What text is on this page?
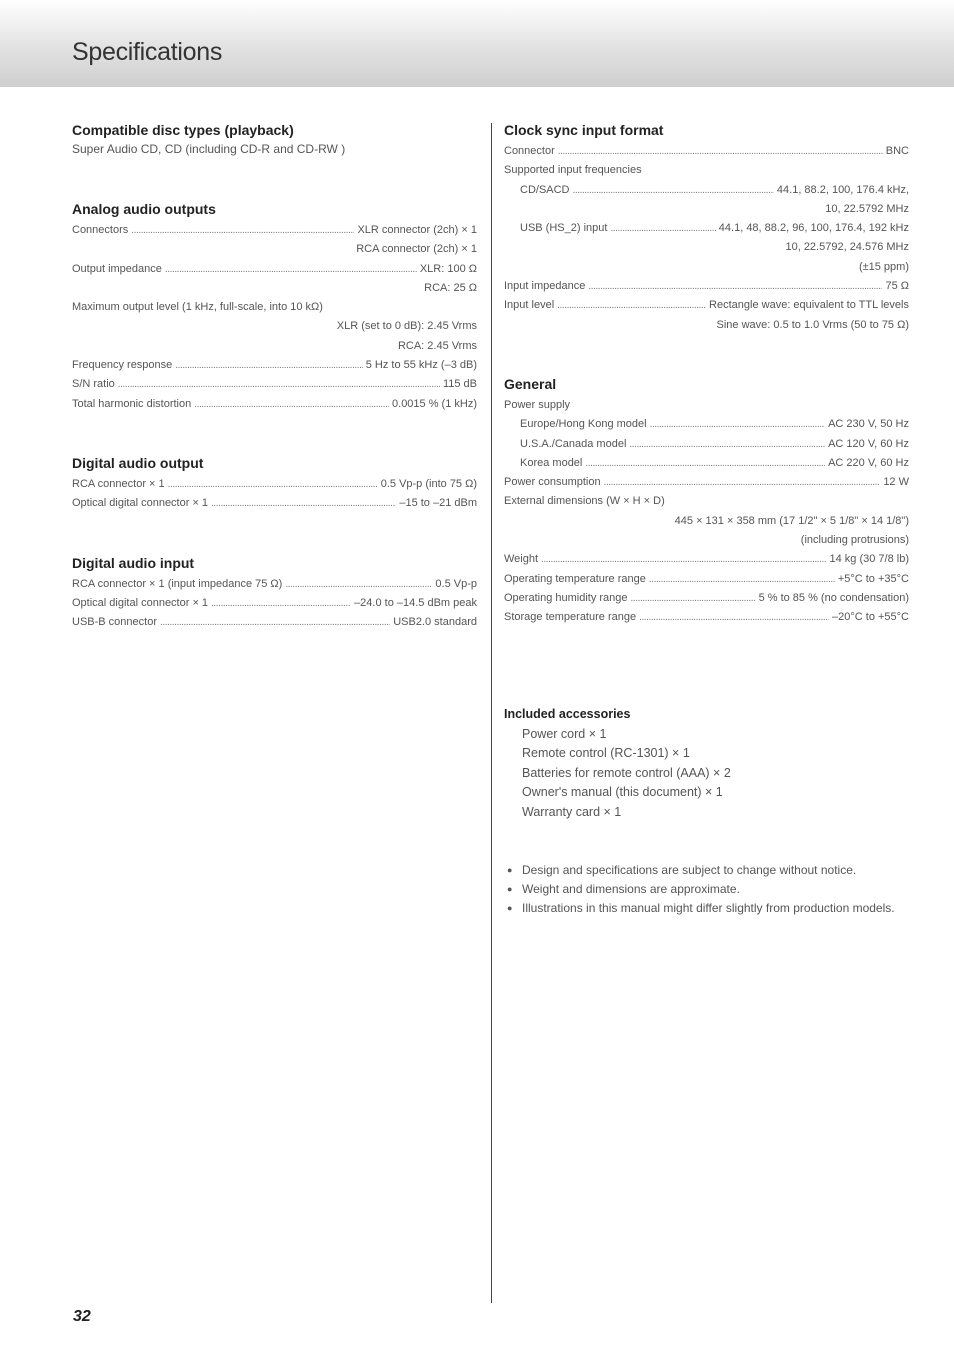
Specifications
Compatible disc types (playback)
Super Audio CD, CD (including CD-R and CD-RW )
Analog audio outputs
Connectors . . .	XLR connector (2ch) × 1
RCA connector (2ch) × 1
Output impedance . . .	XLR: 100 Ω
RCA: 25 Ω
Maximum output level (1 kHz, full-scale, into 10 kΩ)
XLR (set to 0 dB): 2.45 Vrms
RCA: 2.45 Vrms
Frequency response . . .	5 Hz to 55 kHz (–3 dB)
S/N ratio . . .	115 dB
Total harmonic distortion . . .	0.0015 % (1 kHz)
Digital audio output
RCA connector × 1 . . .	0.5 Vp-p (into 75 Ω)
Optical digital connector × 1 . . .	–15 to –21 dBm
Digital audio input
RCA connector × 1 (input impedance 75 Ω) . . .	0.5 Vp-p
Optical digital connector × 1 . . .	–24.0 to –14.5 dBm peak
USB-B connector . . .	USB2.0 standard
Clock sync input format
Connector . . .	BNC
Supported input frequencies
CD/SACD . . .	44.1, 88.2, 100, 176.4 kHz,
10, 22.5792 MHz
USB (HS_2) input . . .	44.1, 48, 88.2, 96, 100, 176.4, 192 kHz
10, 22.5792, 24.576 MHz
(±15 ppm)
Input impedance . . .	75 Ω
Input level . . .	Rectangle wave: equivalent to TTL levels
Sine wave: 0.5 to 1.0 Vrms (50 to 75 Ω)
General
Power supply
Europe/Hong Kong model . . .	AC 230 V, 50 Hz
U.S.A./Canada model . . .	AC 120 V, 60 Hz
Korea model . . .	AC 220 V, 60 Hz
Power consumption . . .	12 W
External dimensions (W × H × D)
445 × 131 × 358 mm (17 1/2" × 5 1/8" × 14 1/8")
(including protrusions)
Weight . . .	14 kg (30 7/8 lb)
Operating temperature range . . .	+5°C to +35°C
Operating humidity range . . .	5 % to 85 % (no condensation)
Storage temperature range . . .	–20°C to +55°C
Included accessories
Power cord × 1
Remote control (RC-1301) × 1
Batteries for remote control (AAA) × 2
Owner's manual (this document) × 1
Warranty card × 1
● Design and specifications are subject to change without notice.
● Weight and dimensions are approximate.
● Illustrations in this manual might differ slightly from production models.
32
